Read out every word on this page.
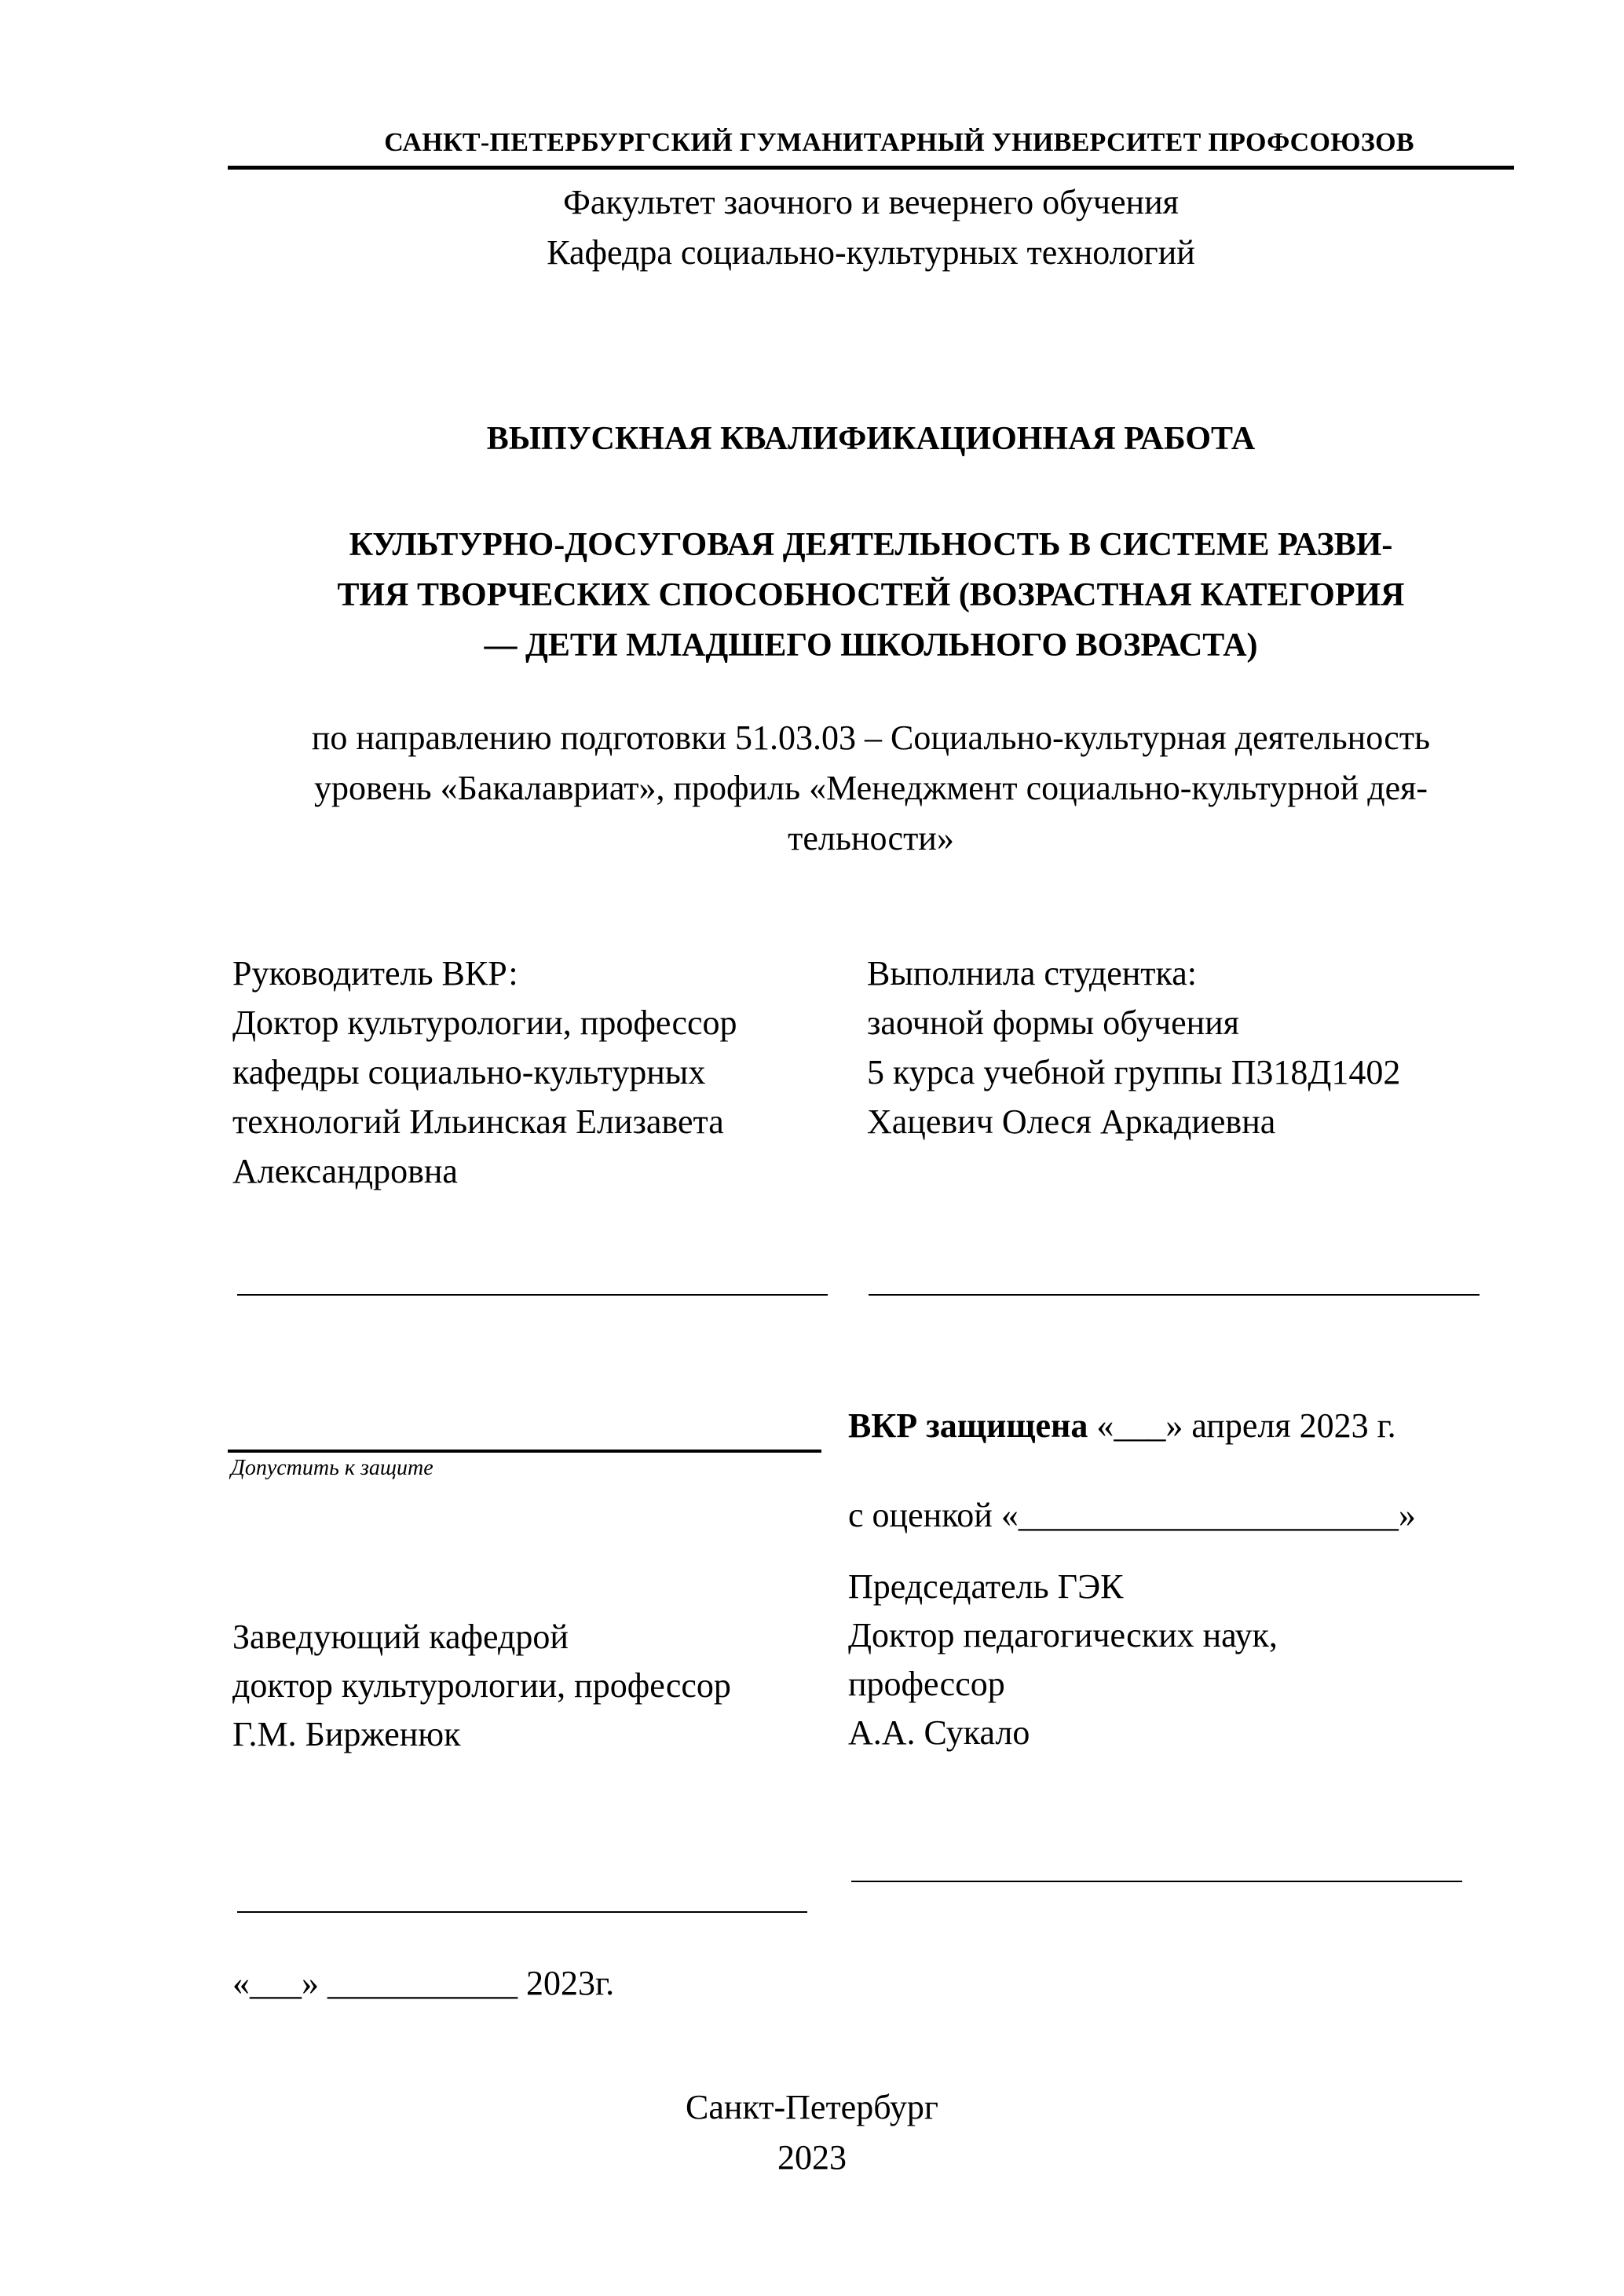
САНКТ-ПЕТЕРБУРГСКИЙ ГУМАНИТАРНЫЙ УНИВЕРСИТЕТ ПРОФСОЮЗОВ
Факультет заочного и вечернего обучения
Кафедра социально-культурных технологий
ВЫПУСКНАЯ КВАЛИФИКАЦИОННАЯ РАБОТА
КУЛЬТУРНО-ДОСУГОВАЯ ДЕЯТЕЛЬНОСТЬ В СИСТЕМЕ РАЗВИ-
ТИЯ ТВОРЧЕСКИХ СПОСОБНОСТЕЙ (ВОЗРАСТНАЯ КАТЕГОРИЯ
— ДЕТИ МЛАДШЕГО ШКОЛЬНОГО ВОЗРАСТА)
по направлению подготовки 51.03.03 – Социально-культурная деятельность
уровень «Бакалавриат», профиль «Менеджмент социально-культурной дея-
тельности»
Руководитель ВКР:
Доктор культурологии, профессор
кафедры социально-культурных
технологий Ильинская Елизавета
Александровна
Выполнила студентка:
заочной формы обучения
5 курса учебной группы П318Д1402
Хацевич Олеся Аркадиевна
Допустить к защите
ВКР защищена «___» апреля 2023 г.
с оценкой «______________________»
Заведующий кафедрой
доктор культурологии, профессор
Г.М. Бирженюк
Председатель ГЭК
Доктор педагогических наук,
профессор
А.А. Сукало
«___» ___________ 2023г.
Санкт-Петербург
2023
